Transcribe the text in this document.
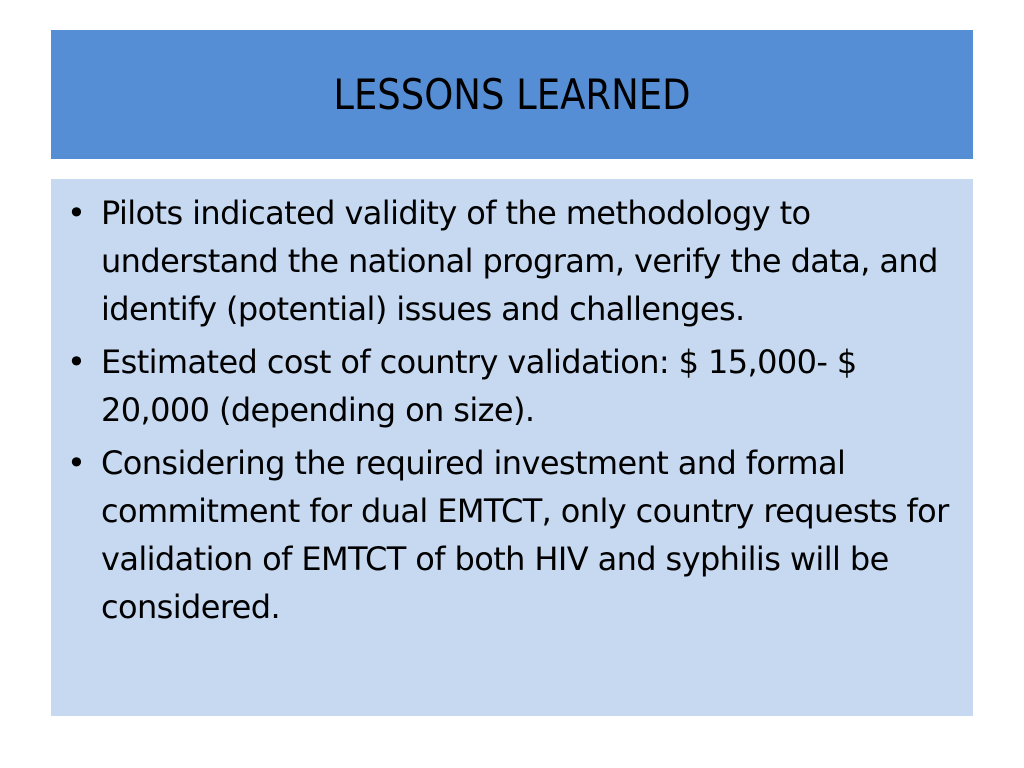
LESSONS LEARNED
• Pilots indicated validity of the methodology to understand the national program, verify the data, and identify (potential) issues and challenges.
• Estimated cost of country validation: $ 15,000- $ 20,000 (depending on size).
• Considering the required investment and formal commitment for dual EMTCT, only country requests for validation of EMTCT of both HIV and syphilis will be considered.
